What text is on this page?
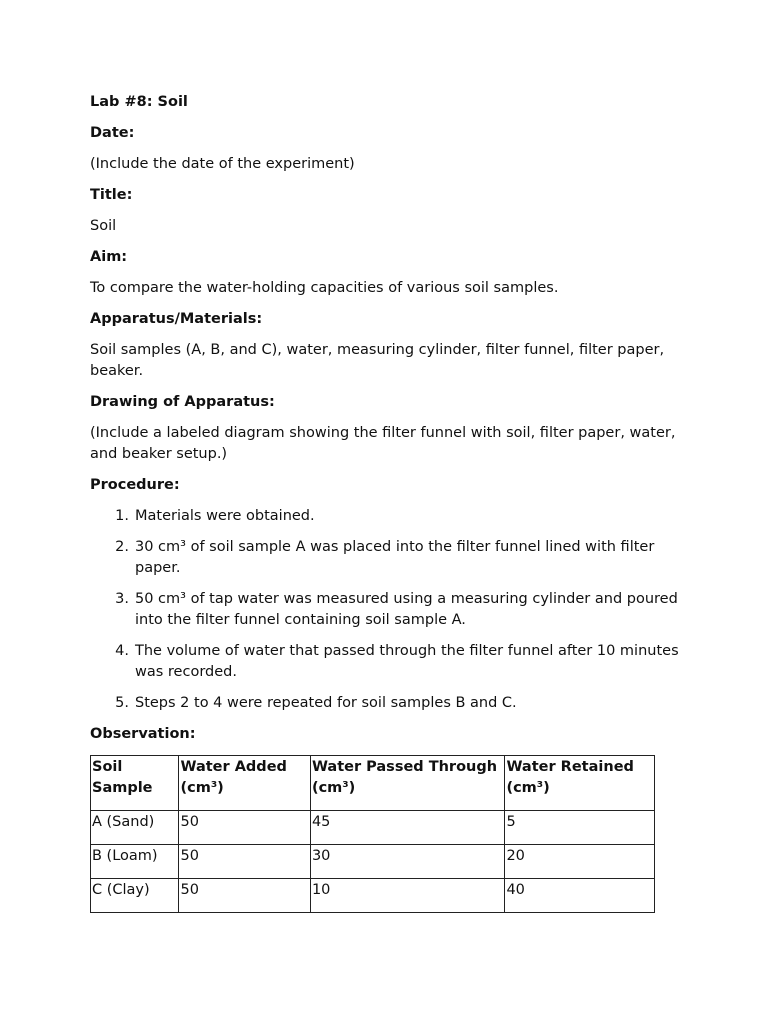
Lab #8: Soil
Date:
(Include the date of the experiment)
Title:
Soil
Aim:
To compare the water-holding capacities of various soil samples.
Apparatus/Materials:
Soil samples (A, B, and C), water, measuring cylinder, filter funnel, filter paper, beaker.
Drawing of Apparatus:
(Include a labeled diagram showing the filter funnel with soil, filter paper, water, and beaker setup.)
Procedure:
1. Materials were obtained.
2. 30 cm³ of soil sample A was placed into the filter funnel lined with filter paper.
3. 50 cm³ of tap water was measured using a measuring cylinder and poured into the filter funnel containing soil sample A.
4. The volume of water that passed through the filter funnel after 10 minutes was recorded.
5. Steps 2 to 4 were repeated for soil samples B and C.
Observation:
Soil Sample	Water Added (cm³)	Water Passed Through (cm³)	Water Retained (cm³)
A (Sand)	50	45	5
B (Loam)	50	30	20
C (Clay)	50	10	40
